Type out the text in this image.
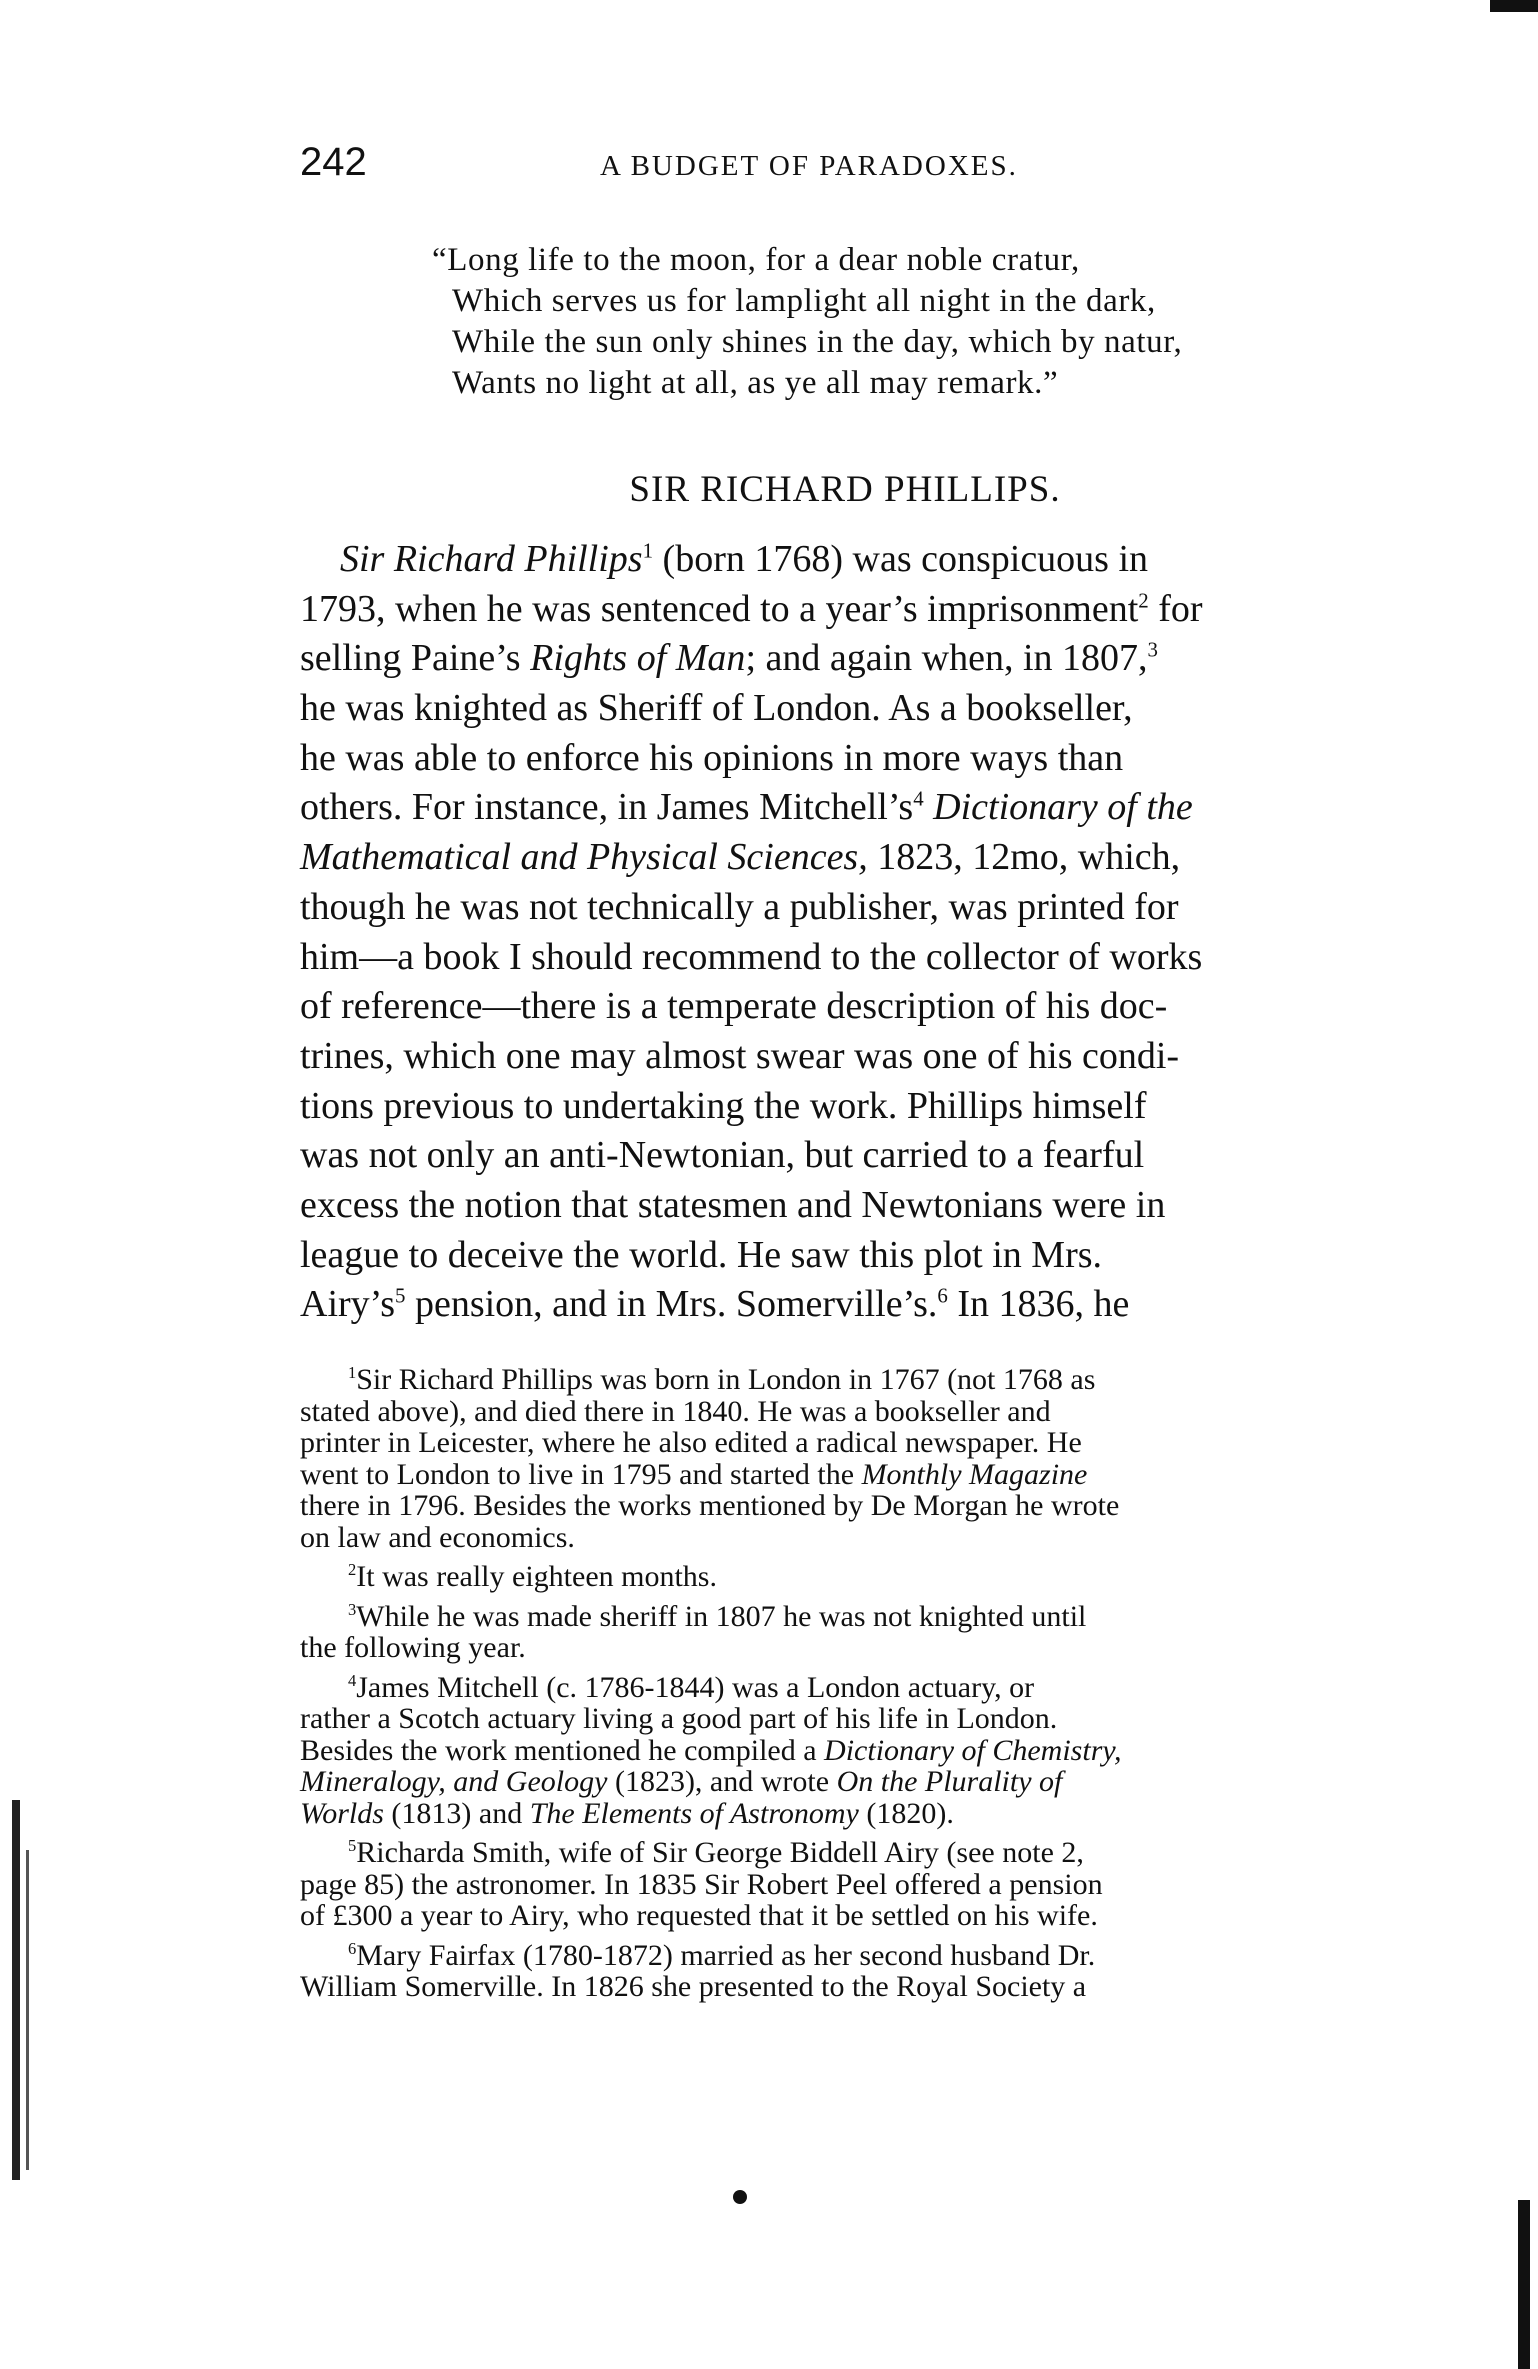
242	A BUDGET OF PARADOXES.
“Long life to the moon, for a dear noble cratur,
Which serves us for lamplight all night in the dark,
While the sun only shines in the day, which by natur,
Wants no light at all, as ye all may remark.”
SIR RICHARD PHILLIPS.
Sir Richard Phillips$^1$ (born 1768) was conspicuous in
1793, when he was sentenced to a year’s imprisonment$^2$ for
selling Paine’s Rights of Man; and again when, in 1807,$^3$
he was knighted as Sheriff of London. As a bookseller,
he was able to enforce his opinions in more ways than
others. For instance, in James $Mitchell’s^4$ Dictionary of the
Mathematical and Physical Sciences, 1823, 12mo, which,
though he was not technically a publisher, was printed for
him—a book I should recommend to the collector of works
of reference—there is a temperate description of his doc-
trines, which one may almost swear was one of his condi-
tions previous to undertaking the work. Phillips himself
was not only an anti-Newtonian, but carried to a fearful
excess the notion that statesmen and Newtonians were in
league to deceive the world. He saw this plot in Mrs.
$Airy’s^5$ pension, and in Mrs. Somerville’s.$^6$ In 1836, he
$^1$Sir Richard Phillips was born in London in 1767 (not 1768 as
stated above), and died there in 1840. He was a bookseller and
printer in Leicester, where he also edited a radical newspaper. He
went to London to live in 1795 and started the Monthly Magazine
there in 1796. Besides the works mentioned by De Morgan he wrote
on law and economics.
$^2$It was really eighteen months.
$^3$While he was made sheriff in 1807 he was not knighted until
the following year.
$^4$James Mitchell (c. 1786-1844) was a London actuary, or
rather a Scotch actuary living a good part of his life in London.
Besides the work mentioned he compiled a Dictionary of Chemistry,
Mineralogy, and Geology (1823), and wrote On the Plurality of
Worlds (1813) and The Elements of Astronomy (1820).
$^5$Richarda Smith, wife of Sir George Biddell Airy (see note 2,
page 85) the astronomer. In 1835 Sir Robert Peel offered a pension
of £300 a year to Airy, who requested that it be settled on his wife.
$^6$Mary Fairfax (1780-1872) married as her second husband Dr.
William Somerville. In 1826 she presented to the Royal Society a
